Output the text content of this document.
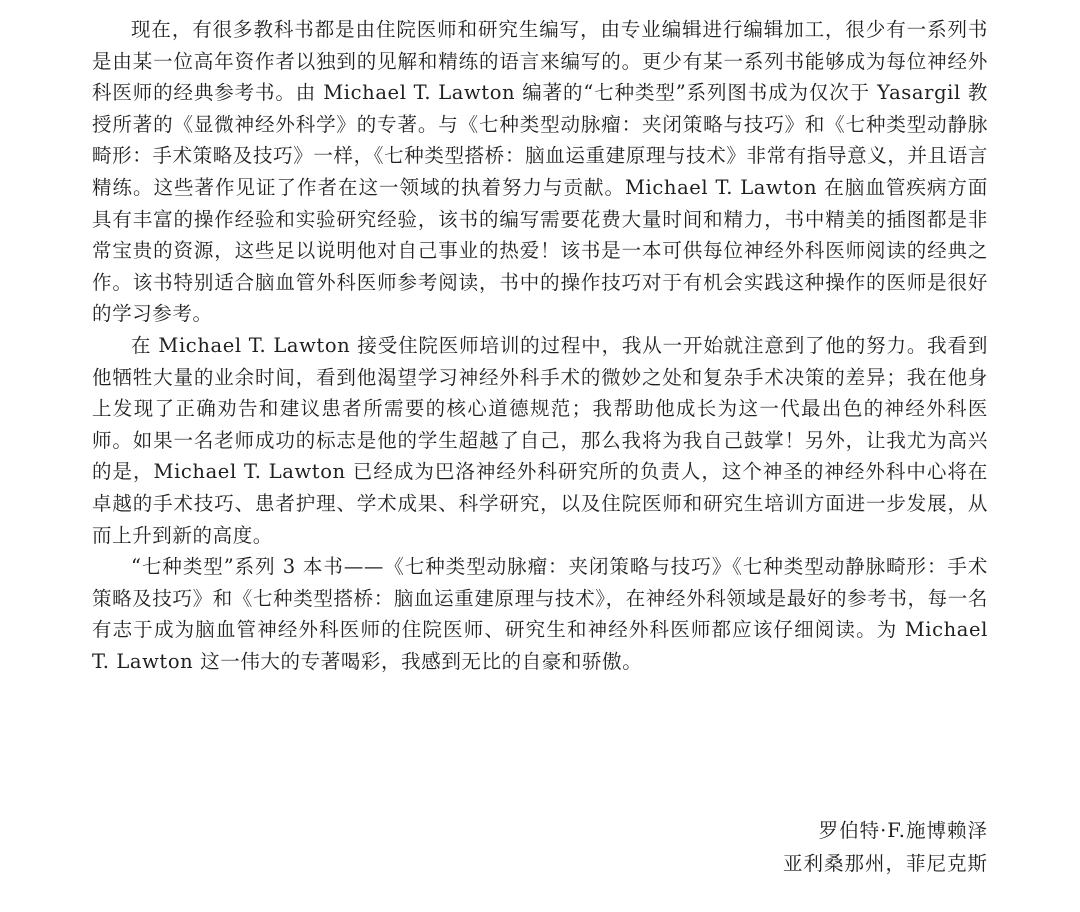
现在，有很多教科书都是由住院医师和研究生编写，由专业编辑进行编辑加工，很少有一系列书是由某一位高年资作者以独到的见解和精练的语言来编写的。更少有某一系列书能够成为每位神经外科医师的经典参考书。由 Michael T. Lawton 编著的“七种类型”系列图书成为仅次于 Yasargil 教授所著的《显微神经外科学》的专著。与《七种类型动脉瘤：夹闭策略与技巧》和《七种类型动静脉畸形：手术策略及技巧》一样，《七种类型搭桥：脑血运重建原理与技术》非常有指导意义，并且语言精练。这些著作见证了作者在这一领域的执着努力与贡献。Michael T. Lawton 在脑血管疾病方面具有丰富的操作经验和实验研究经验，该书的编写需要花费大量时间和精力，书中精美的插图都是非常宝贵的资源，这些足以说明他对自己事业的热爱！该书是一本可供每位神经外科医师阅读的经典之作。该书特别适合脑血管外科医师参考阅读，书中的操作技巧对于有机会实践这种操作的医师是很好的学习参考。

在 Michael T. Lawton 接受住院医师培训的过程中，我从一开始就注意到了他的努力。我看到他牺牲大量的业余时间，看到他渴望学习神经外科手术的微妙之处和复杂手术决策的差异；我在他身上发现了正确劝告和建议患者所需要的核心道德规范；我帮助他成长为这一代最出色的神经外科医师。如果一名老师成功的标志是他的学生超越了自己，那么我将为我自己鼓掌！另外，让我尤为高兴的是，Michael T. Lawton 已经成为巴洛神经外科研究所的负责人，这个神圣的神经外科中心将在卓越的手术技巧、患者护理、学术成果、科学研究，以及住院医师和研究生培训方面进一步发展，从而上升到新的高度。

“七种类型”系列 3 本书——《七种类型动脉瘤：夹闭策略与技巧》《七种类型动静脉畸形：手术策略及技巧》和《七种类型搭桥：脑血运重建原理与技术》，在神经外科领域是最好的参考书，每一名有志于成为脑血管神经外科医师的住院医师、研究生和神经外科医师都应该仔细阅读。为 Michael T. Lawton 这一伟大的专著喝彩，我感到无比的自豪和骄傲。

罗伯特·F.施博赖泽
亚利桑那州，菲尼克斯
